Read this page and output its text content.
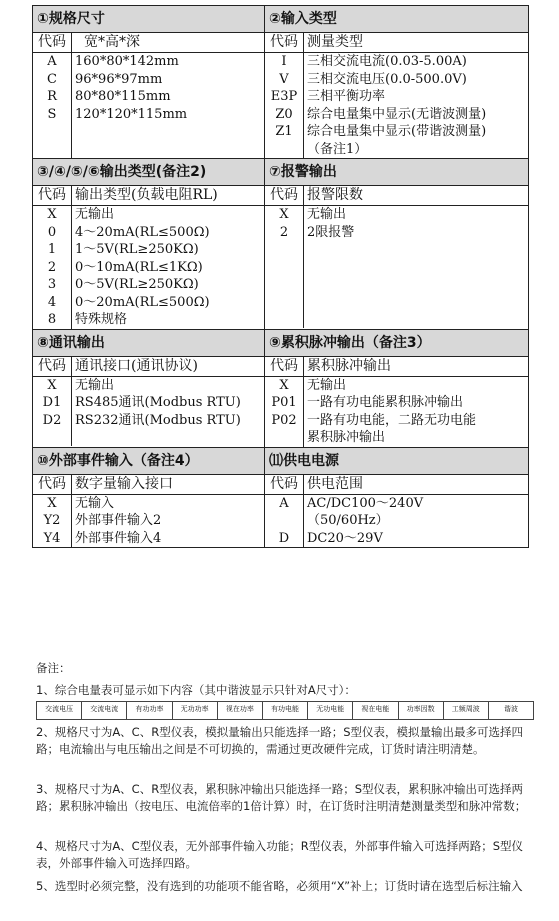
①规格尺寸	②输入类型

代码	宽*高*深
A	160*80*142mm
C	96*96*97mm
R	80*80*115mm
S	120*120*115mm

代码	测量类型
I	三相交流电流(0.03-5.00A)
V	三相交流电压(0.0-500.0V)
E3P	三相平衡功率
Z0	综合电量集中显示(无谐波测量)
Z1	综合电量集中显示(带谐波测量)
	（备注1）

③/④/⑤/⑥输出类型(备注2)	⑦报警输出

代码	输出类型(负载电阻RL)
X	无输出
0	4～20mA(RL≤500Ω)
1	1～5V(RL≥250KΩ)
2	0～10mA(RL≤1KΩ)
3	0～5V(RL≥250KΩ)
4	0～20mA(RL≤500Ω)
8	特殊规格

代码	报警限数
X	无输出
2	2限报警

⑧通讯输出	⑨累积脉冲输出（备注3）

代码	通讯接口(通讯协议)
X	无输出
D1	RS485通讯(Modbus RTU)
D2	RS232通讯(Modbus RTU)

代码	累积脉冲输出
X	无输出
P01	一路有功电能累积脉冲输出
P02	一路有功电能，二路无功电能
	累积脉冲输出

⑩外部事件输入（备注4）	⑾供电电源

代码	数字量输入接口
X	无输入
Y2	外部事件输入2
Y4	外部事件输入4

代码	供电范围
A	AC/DC100～240V
	（50/60Hz）
D	DC20～29V
备注：
1、综合电量表可显示如下内容（其中谐波显示只针对A尺寸）：
交流电压	交流电流	有功功率	无功功率	视在功率	有功电能	无功电能	视在电能	功率因数	工频周波	谐波
2、规格尺寸为A、C、R型仪表，模拟量输出只能选择一路；S型仪表，模拟量输出最多可选择四路；电流输出与电压输出之间是不可切换的，需通过更改硬件完成，订货时请注明清楚。
3、规格尺寸为A、C、R型仪表，累积脉冲输出只能选择一路；S型仪表，累积脉冲输出可选择两路；累积脉冲输出（按电压、电流倍率的1倍计算）时，在订货时注明清楚测量类型和脉冲常数；
4、规格尺寸为A、C型仪表，无外部事件输入功能；R型仪表，外部事件输入可选择两路；S型仪表，外部事件输入可选择四路。
5、选型时必须完整，没有选到的功能项不能省略，必须用“X”补上；订货时请在选型后标注输入
